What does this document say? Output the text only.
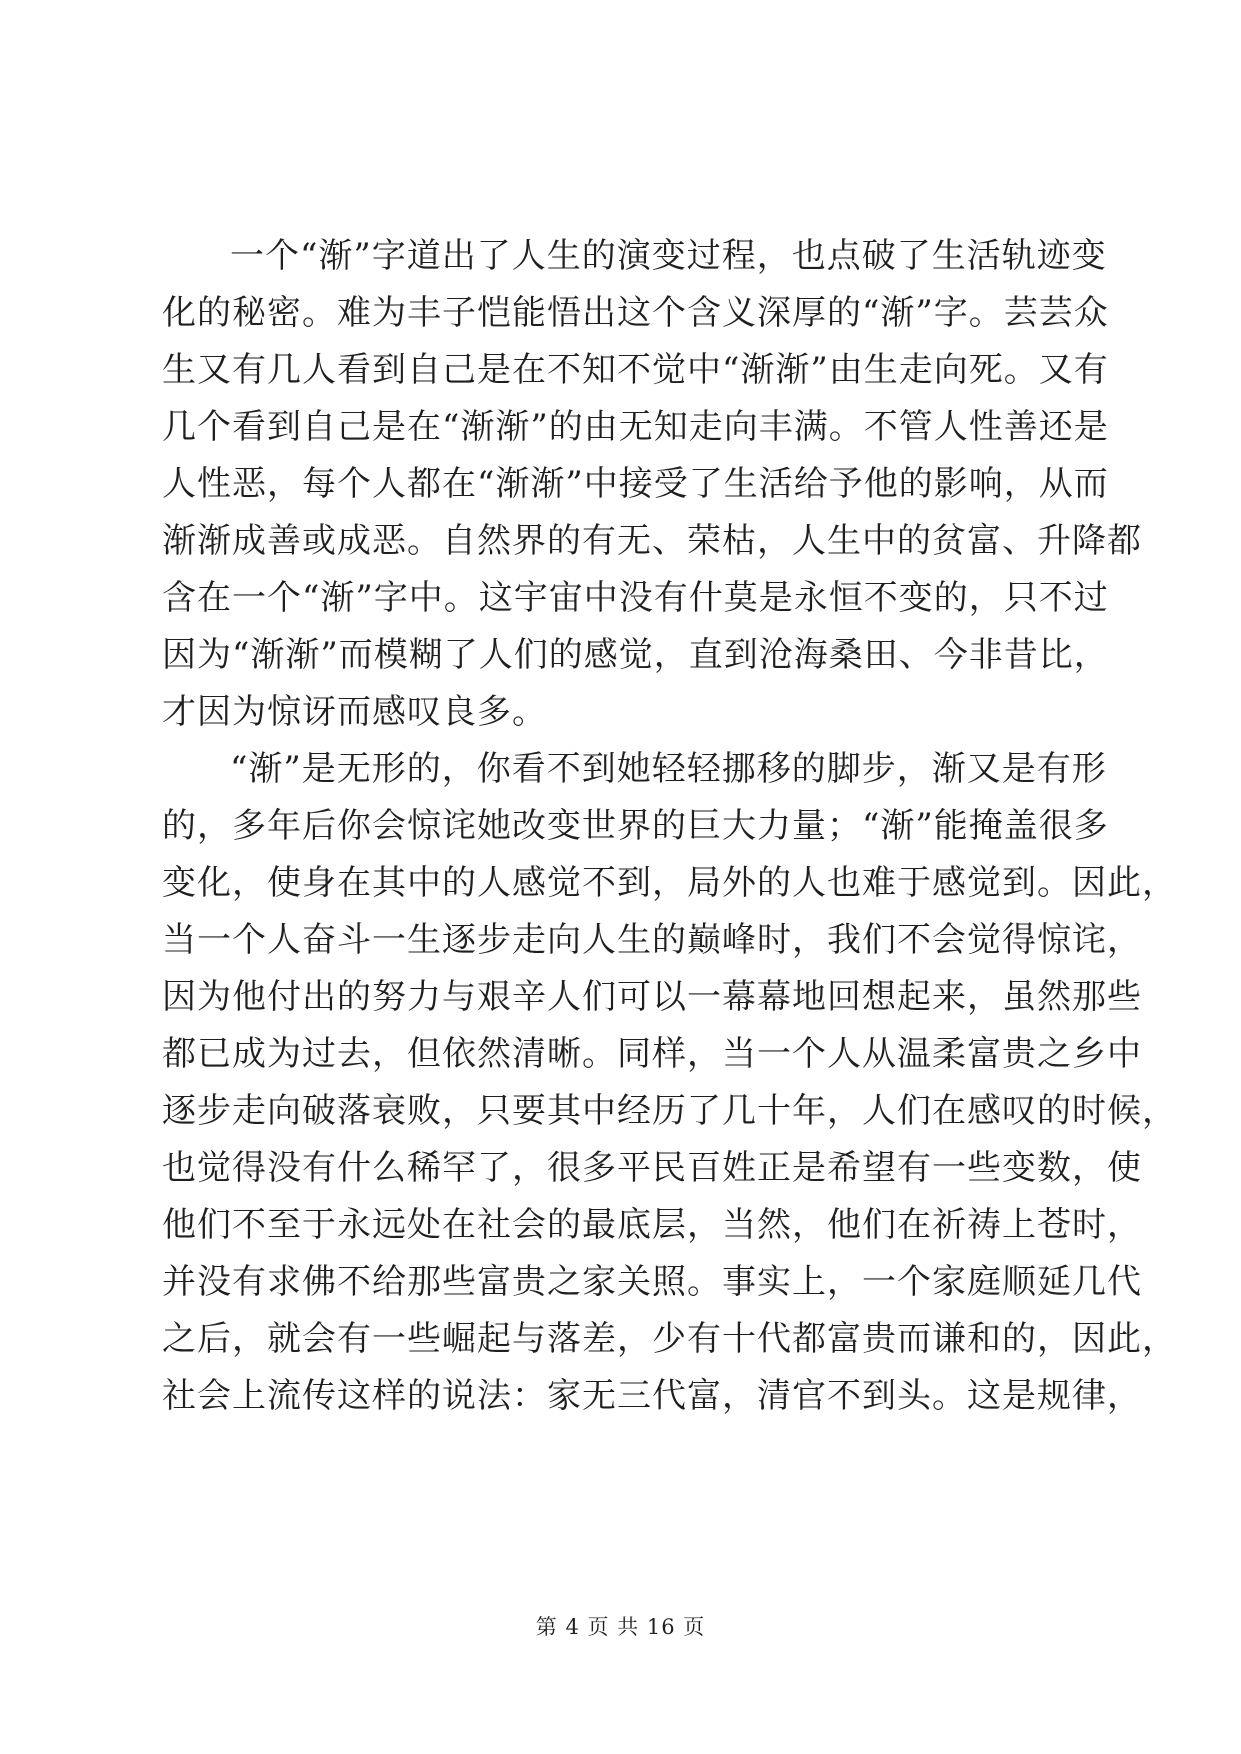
一个“渐”字道出了人生的演变过程，也点破了生活轨迹变
化的秘密。难为丰子恺能悟出这个含义深厚的“渐”字。芸芸众
生又有几人看到自己是在不知不觉中“渐渐”由生走向死。又有
几个看到自己是在“渐渐”的由无知走向丰满。不管人性善还是
人性恶，每个人都在“渐渐”中接受了生活给予他的影响，从而
渐渐成善或成恶。自然界的有无、荣枯，人生中的贫富、升降都
含在一个“渐”字中。这宇宙中没有什莫是永恒不变的，只不过
因为“渐渐”而模糊了人们的感觉，直到沧海桑田、今非昔比，
才因为惊讶而感叹良多。
“渐”是无形的，你看不到她轻轻挪移的脚步，渐又是有形
的，多年后你会惊诧她改变世界的巨大力量；“渐”能掩盖很多
变化，使身在其中的人感觉不到，局外的人也难于感觉到。因此，
当一个人奋斗一生逐步走向人生的巅峰时，我们不会觉得惊诧，
因为他付出的努力与艰辛人们可以一幕幕地回想起来，虽然那些
都已成为过去，但依然清晰。同样，当一个人从温柔富贵之乡中
逐步走向破落衰败，只要其中经历了几十年，人们在感叹的时候，
也觉得没有什么稀罕了，很多平民百姓正是希望有一些变数，使
他们不至于永远处在社会的最底层，当然，他们在祈祷上苍时，
并没有求佛不给那些富贵之家关照。事实上，一个家庭顺延几代
之后，就会有一些崛起与落差，少有十代都富贵而谦和的，因此，
社会上流传这样的说法：家无三代富，清官不到头。这是规律，
第 4 页 共 16 页
